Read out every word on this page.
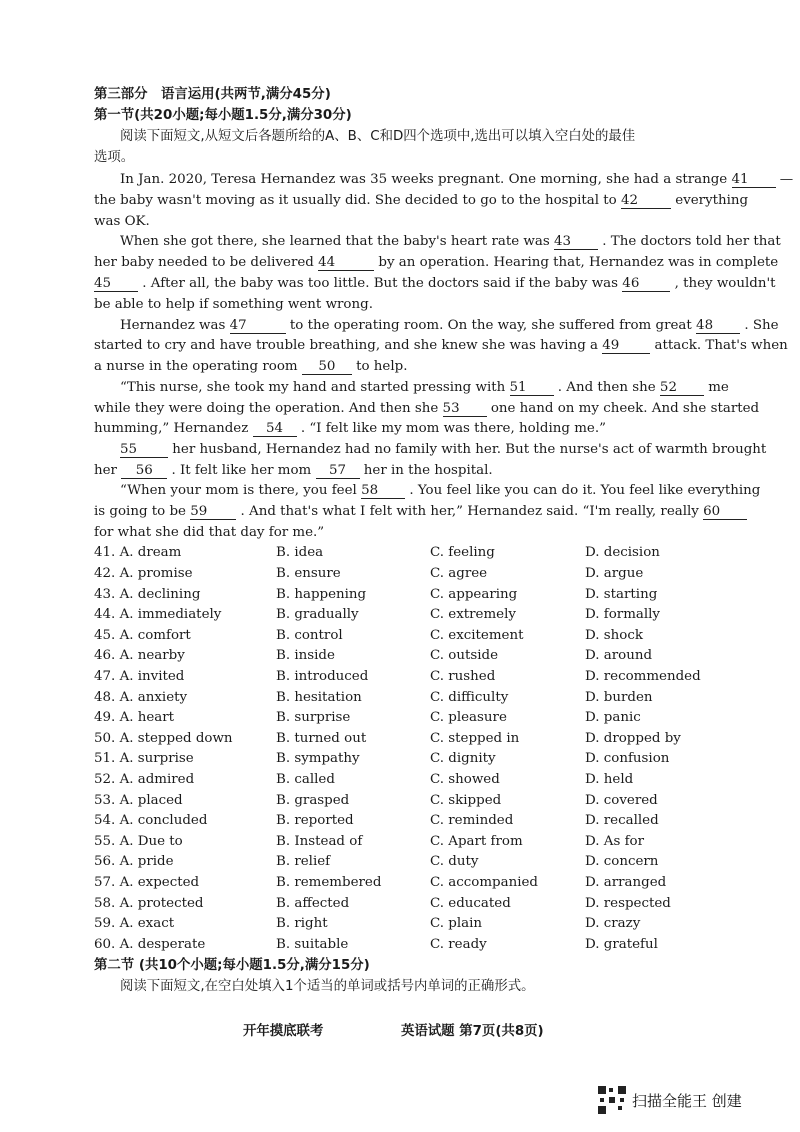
第三部分　语言运用(共两节,满分45分)
第一节(共20小题;每小题1.5分,满分30分)
阅读下面短文,从短文后各题所给的A、B、C和D四个选项中,选出可以填入空白处的最佳
选项。
In Jan. 2020, Teresa Hernandez was 35 weeks pregnant. One morning, she had a strange 41 —
the baby wasn't moving as it usually did. She decided to go to the hospital to 42	everything
was OK.
When she got there, she learned that the baby's heart rate was 43 . The doctors told her that
her baby needed to be delivered 44	by an operation. Hearing that, Hernandez was in complete
45 . After all, the baby was too little. But the doctors said if the baby was 46	, they wouldn't
be able to help if something went wrong.
Hernandez was 47	to the operating room. On the way, she suffered from great 48 . She
started to cry and have trouble breathing, and she knew she was having a 49	attack. That's when
a nurse in the operating room 50 to help.
“This nurse, she took my hand and started pressing with 51 . And then she 52 me
while they were doing the operation. And then she 53 one hand on my cheek. And she started
humming,” Hernandez 54 . “I felt like my mom was there, holding me.”
55	her husband, Hernandez had no family with her. But the nurse's act of warmth brought
her 56 . It felt like her mom 57 her in the hospital.
“When your mom is there, you feel 58 . You feel like you can do it. You feel like everything
is going to be 59 . And that's what I felt with her,” Hernandez said. “I'm really, really 60
for what she did that day for me.”
41. A. dream	B. idea	C. feeling	D. decision
42. A. promise	B. ensure	C. agree	D. argue
43. A. declining	B. happening	C. appearing	D. starting
44. A. immediately	B. gradually	C. extremely	D. formally
45. A. comfort	B. control	C. excitement	D. shock
46. A. nearby	B. inside	C. outside	D. around
47. A. invited	B. introduced	C. rushed	D. recommended
48. A. anxiety	B. hesitation	C. difficulty	D. burden
49. A. heart	B. surprise	C. pleasure	D. panic
50. A. stepped down	B. turned out	C. stepped in	D. dropped by
51. A. surprise	B. sympathy	C. dignity	D. confusion
52. A. admired	B. called	C. showed	D. held
53. A. placed	B. grasped	C. skipped	D. covered
54. A. concluded	B. reported	C. reminded	D. recalled
55. A. Due to	B. Instead of	C. Apart from	D. As for
56. A. pride	B. relief	C. duty	D. concern
57. A. expected	B. remembered	C. accompanied	D. arranged
58. A. protected	B. affected	C. educated	D. respected
59. A. exact	B. right	C. plain	D. crazy
60. A. desperate	B. suitable	C. ready	D. grateful
第二节 (共10个小题;每小题1.5分,满分15分)
阅读下面短文,在空白处填入1个适当的单词或括号内单词的正确形式。
开年摸底联考	英语试题 第7页(共8页)
扫描全能王 创建
